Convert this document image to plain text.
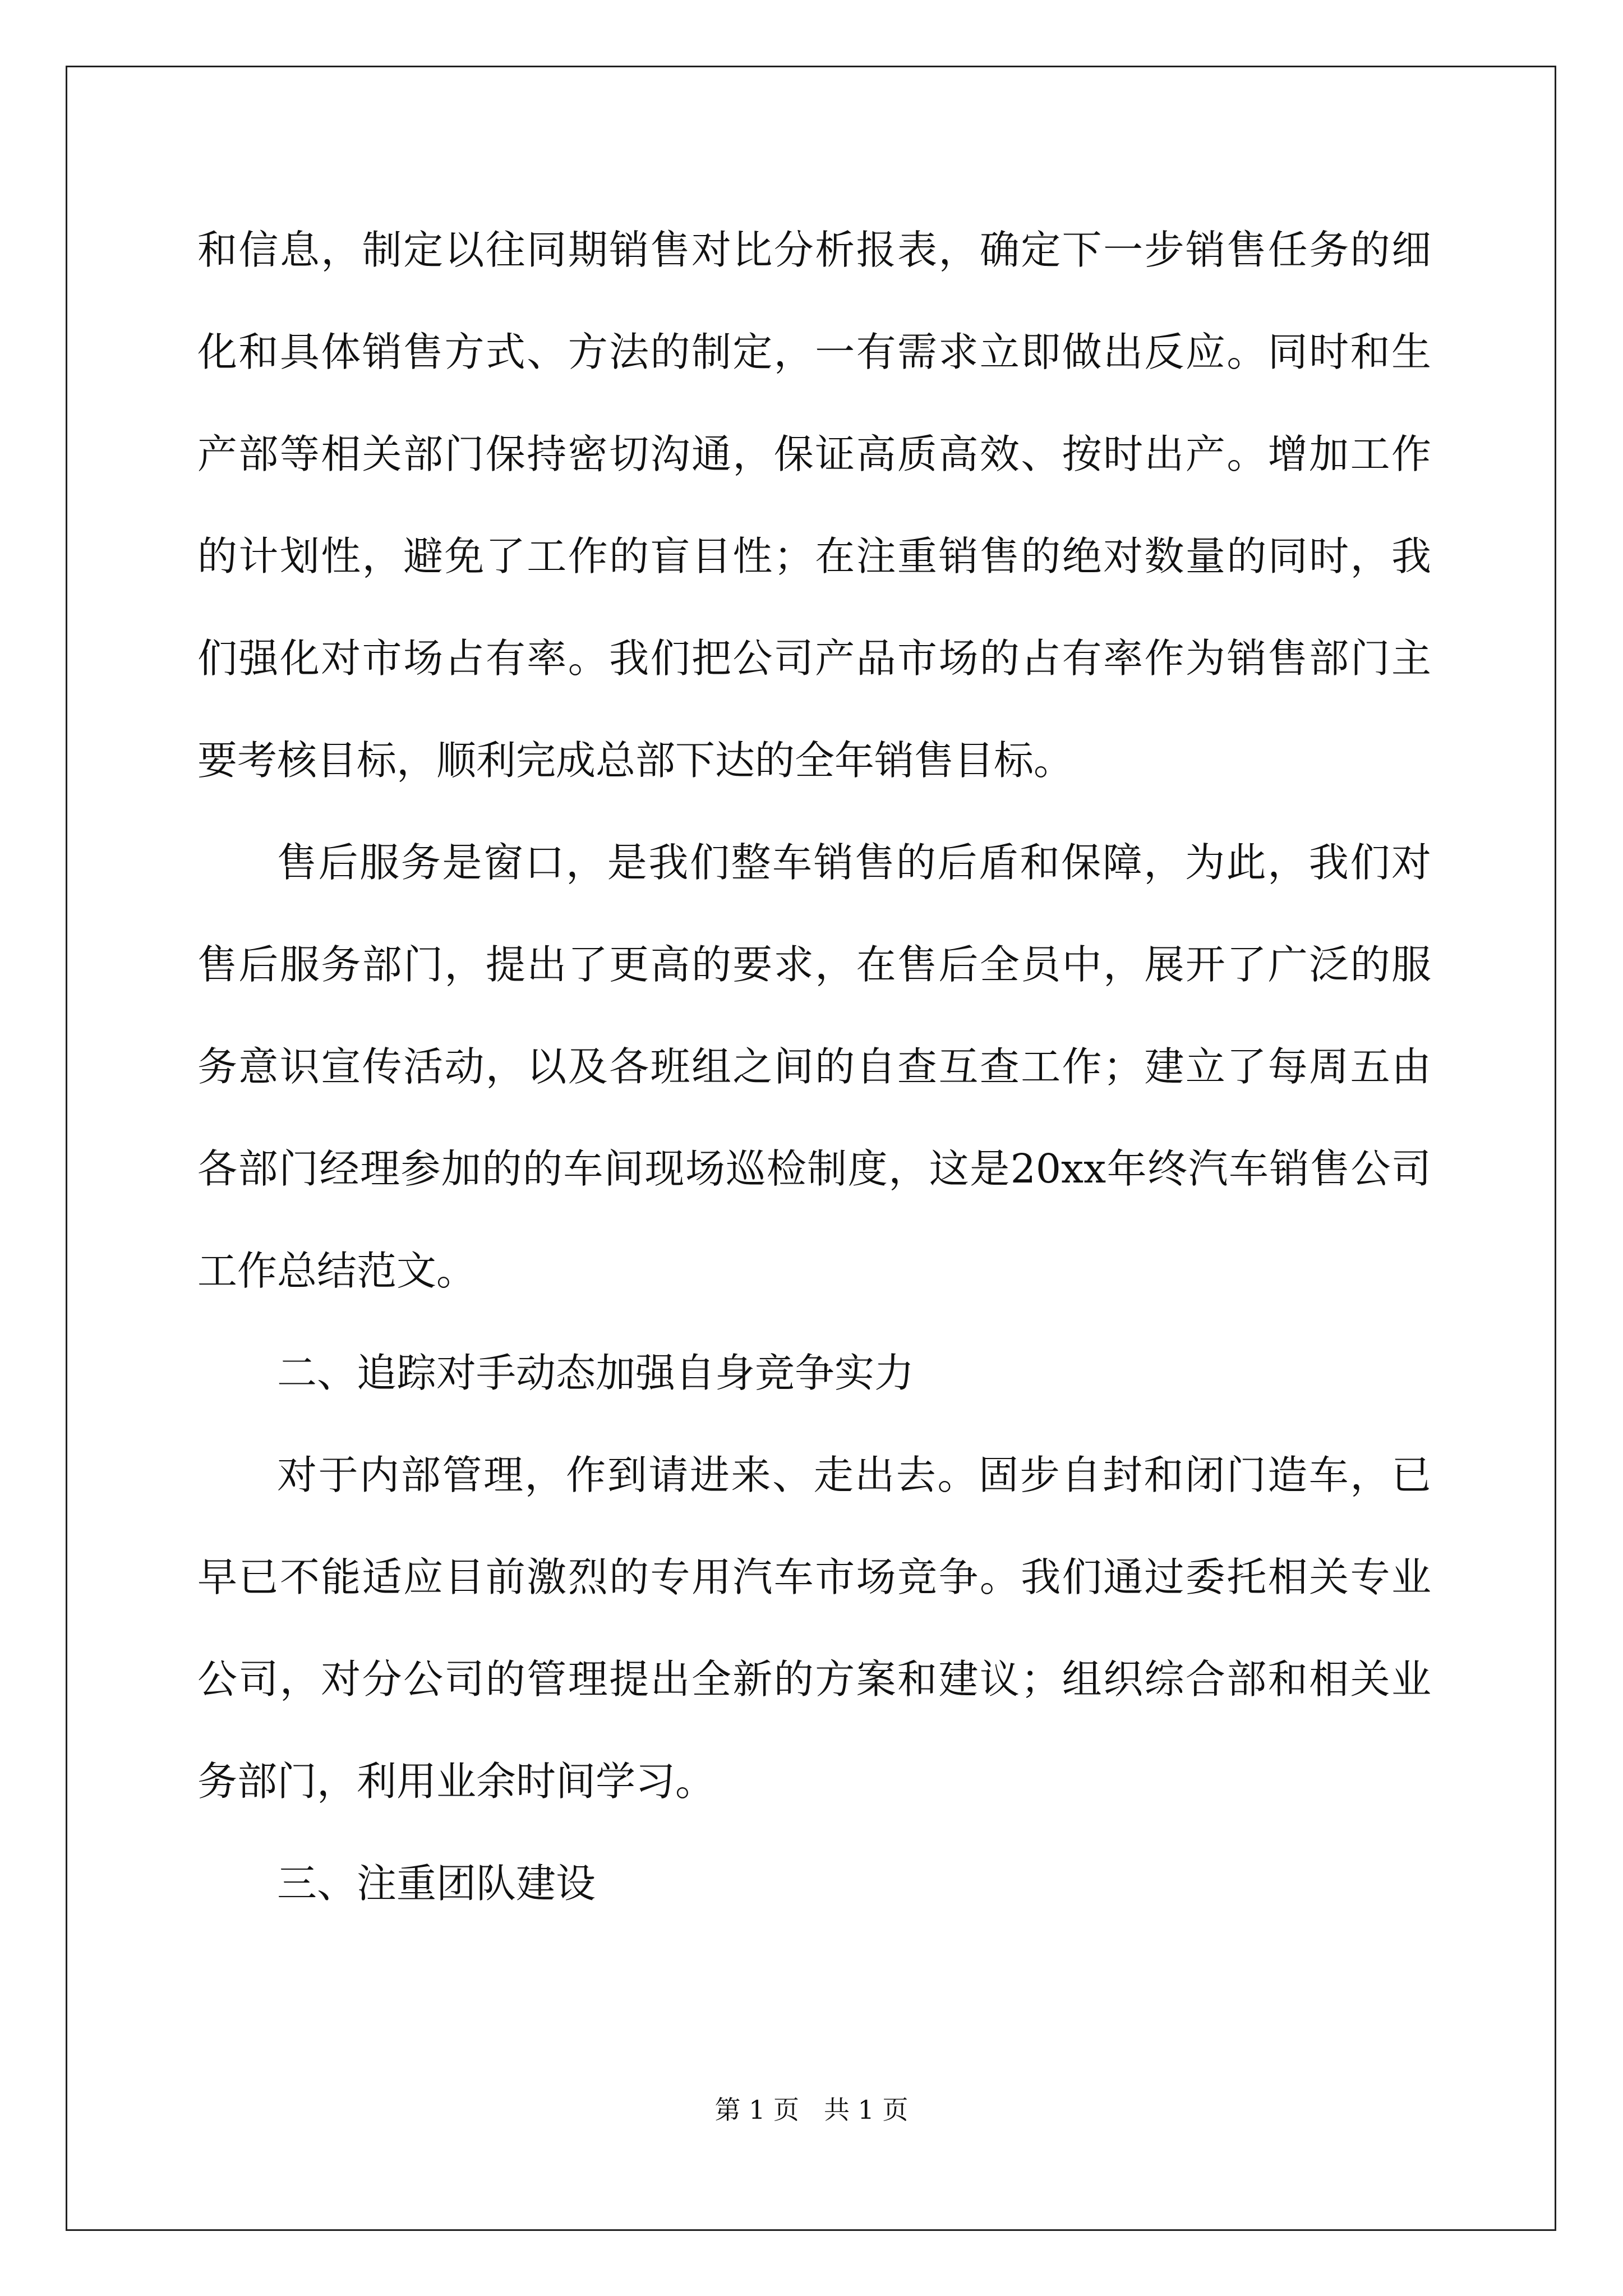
和信息，制定以往同期销售对比分析报表，确定下一步销售任务的细化和具体销售方式、方法的制定，一有需求立即做出反应。同时和生产部等相关部门保持密切沟通，保证高质高效、按时出产。增加工作的计划性，避免了工作的盲目性；在注重销售的绝对数量的同时，我们强化对市场占有率。我们把公司产品市场的占有率作为销售部门主要考核目标，顺利完成总部下达的全年销售目标。

售后服务是窗口，是我们整车销售的后盾和保障，为此，我们对售后服务部门，提出了更高的要求，在售后全员中，展开了广泛的服务意识宣传活动，以及各班组之间的自查互查工作；建立了每周五由各部门经理参加的的车间现场巡检制度，这是20xx年终汽车销售公司工作总结范文。

二、追踪对手动态加强自身竞争实力

对于内部管理，作到请进来、走出去。固步自封和闭门造车，已早已不能适应目前激烈的专用汽车市场竞争。我们通过委托相关专业公司，对分公司的管理提出全新的方案和建议；组织综合部和相关业务部门，利用业余时间学习。

三、注重团队建设

第 1 页 共 1 页
